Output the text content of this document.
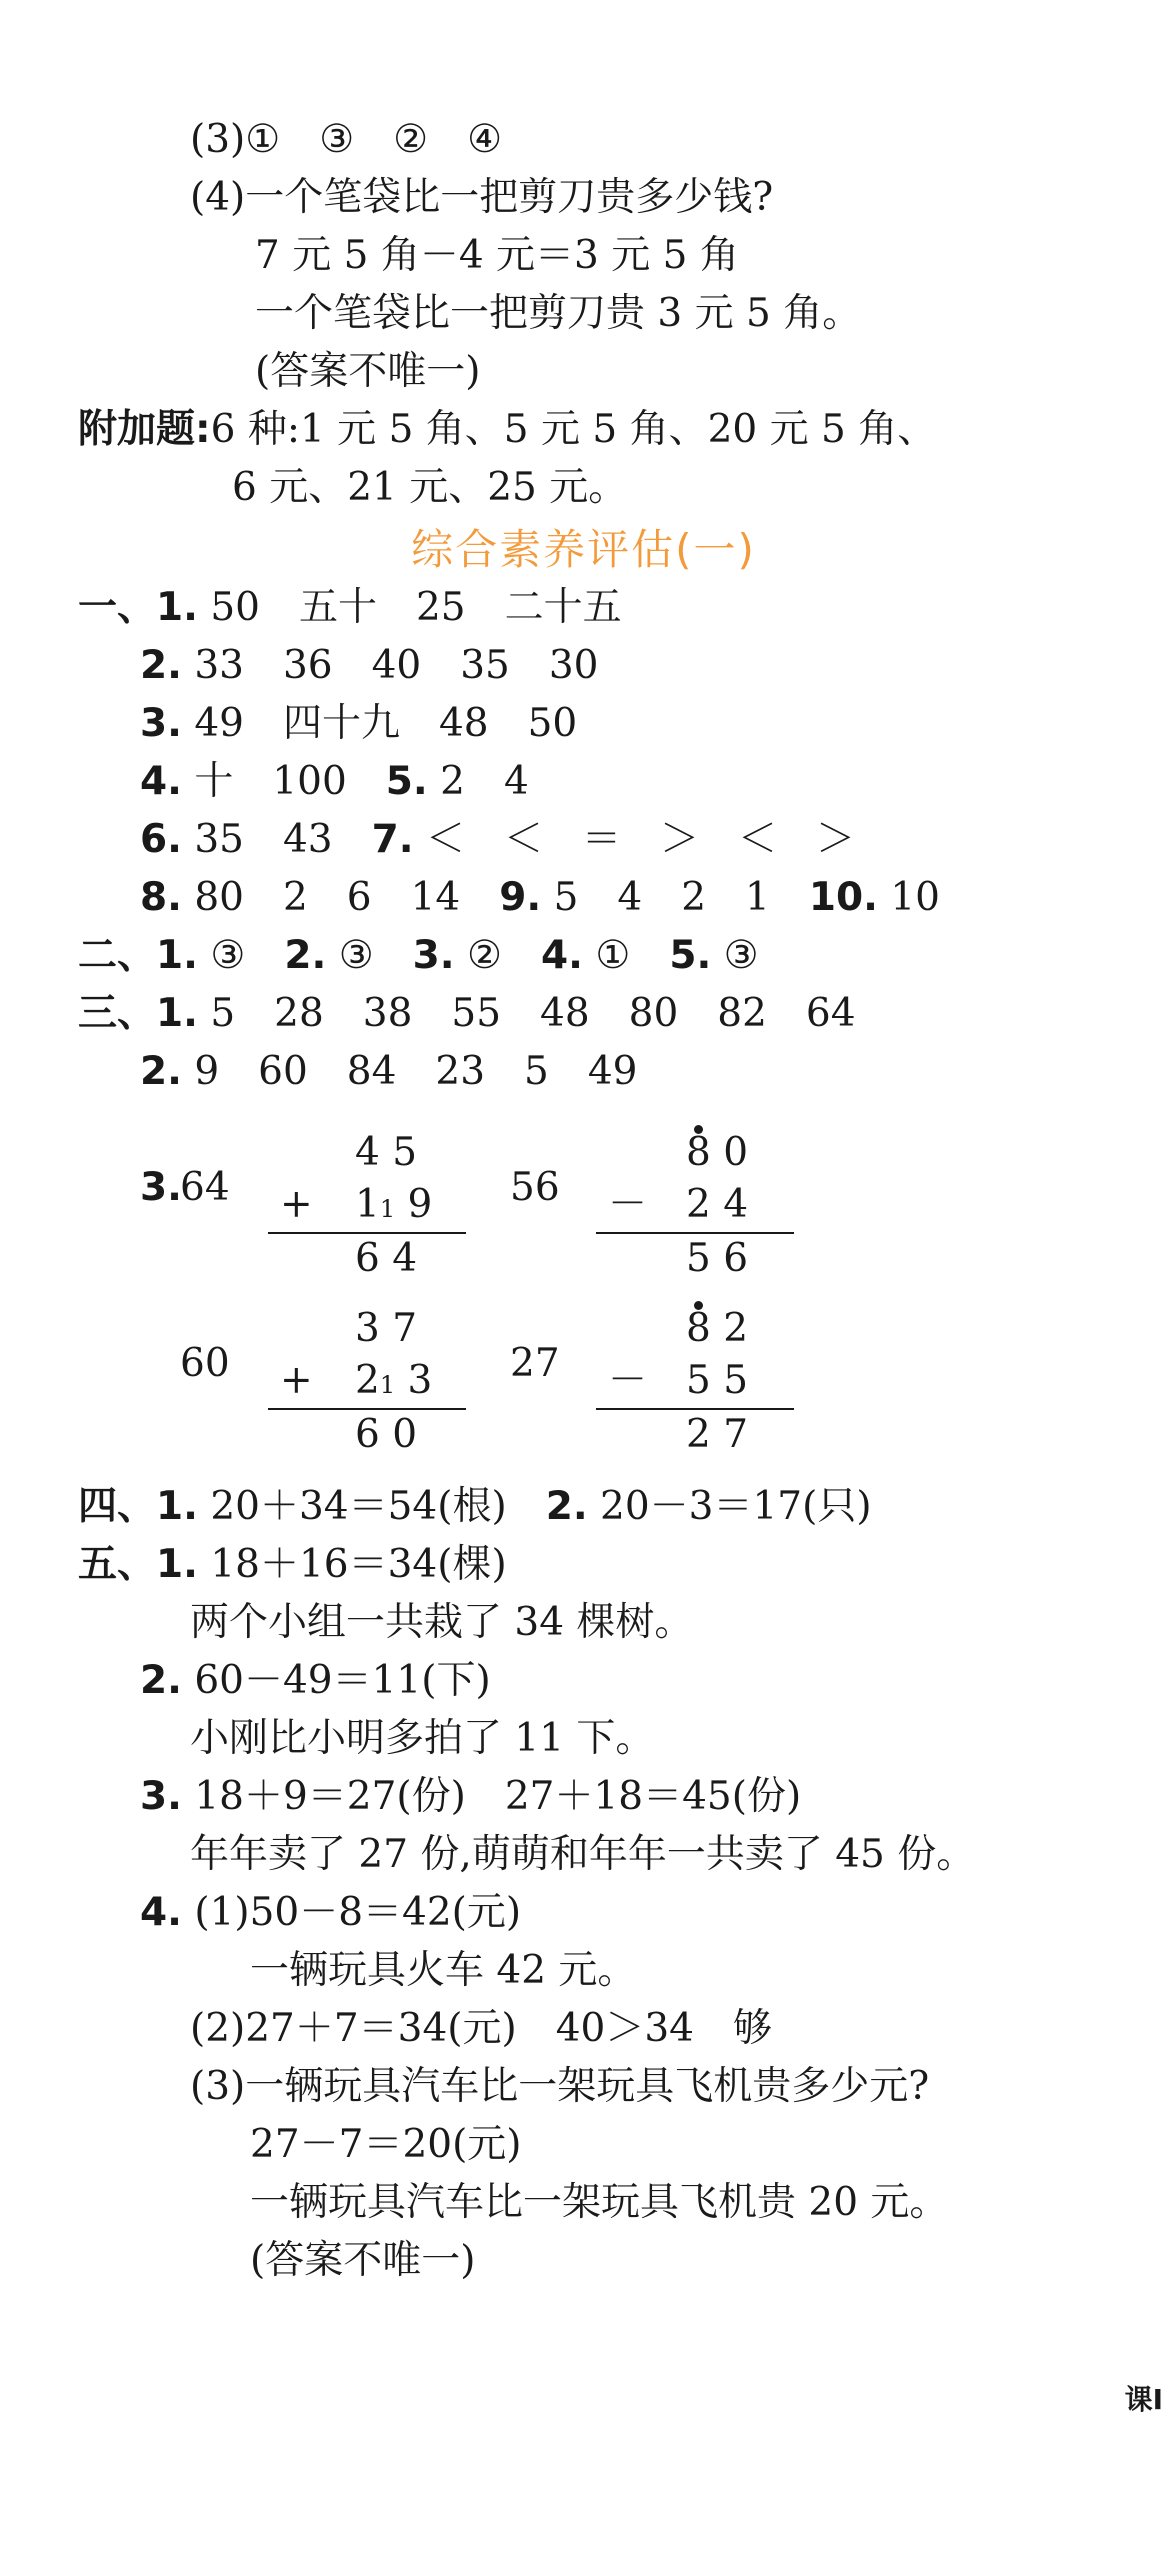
(3)①　③　②　④
(4)一个笔袋比一把剪刀贵多少钱?
7 元 5 角－4 元＝3 元 5 角
一个笔袋比一把剪刀贵 3 元 5 角。
(答案不唯一)
附加题:6 种:1 元 5 角、5 元 5 角、20 元 5 角、
6 元、21 元、25 元。
综合素养评估(一)
一、1. 50　五十　25　二十五
2. 33　36　40　35　30
3. 49　四十九　48　50
4. 十　100　5. 2　4
6. 35　43　7. ＜　＜　＝　＞　＜　＞
8. 80　2　6　14　9. 5　4　2　1　10. 10
二、1. ③　2. ③　3. ②　4. ①　5. ③
三、1. 5　28　38　55　48　80　82　64
2. 9　60　84　23　5　49
3.
64
4 5
+ 11 9
6 4
56
8 0
－ 2 4
5 6
60
3 7
+ 21 3
6 0
27
8 2
－ 5 5
2 7
四、1. 20＋34＝54(根)　2. 20－3＝17(只)
五、1. 18＋16＝34(棵)
两个小组一共栽了 34 棵树。
2. 60－49＝11(下)
小刚比小明多拍了 11 下。
3. 18＋9＝27(份)　27＋18＝45(份)
年年卖了 27 份,萌萌和年年一共卖了 45 份。
4. (1)50－8＝42(元)
一辆玩具火车 42 元。
(2)27＋7＝34(元)　40＞34　够
(3)一辆玩具汽车比一架玩具飞机贵多少元?
27－7＝20(元)
一辆玩具汽车比一架玩具飞机贵 20 元。
(答案不唯一)
课I
